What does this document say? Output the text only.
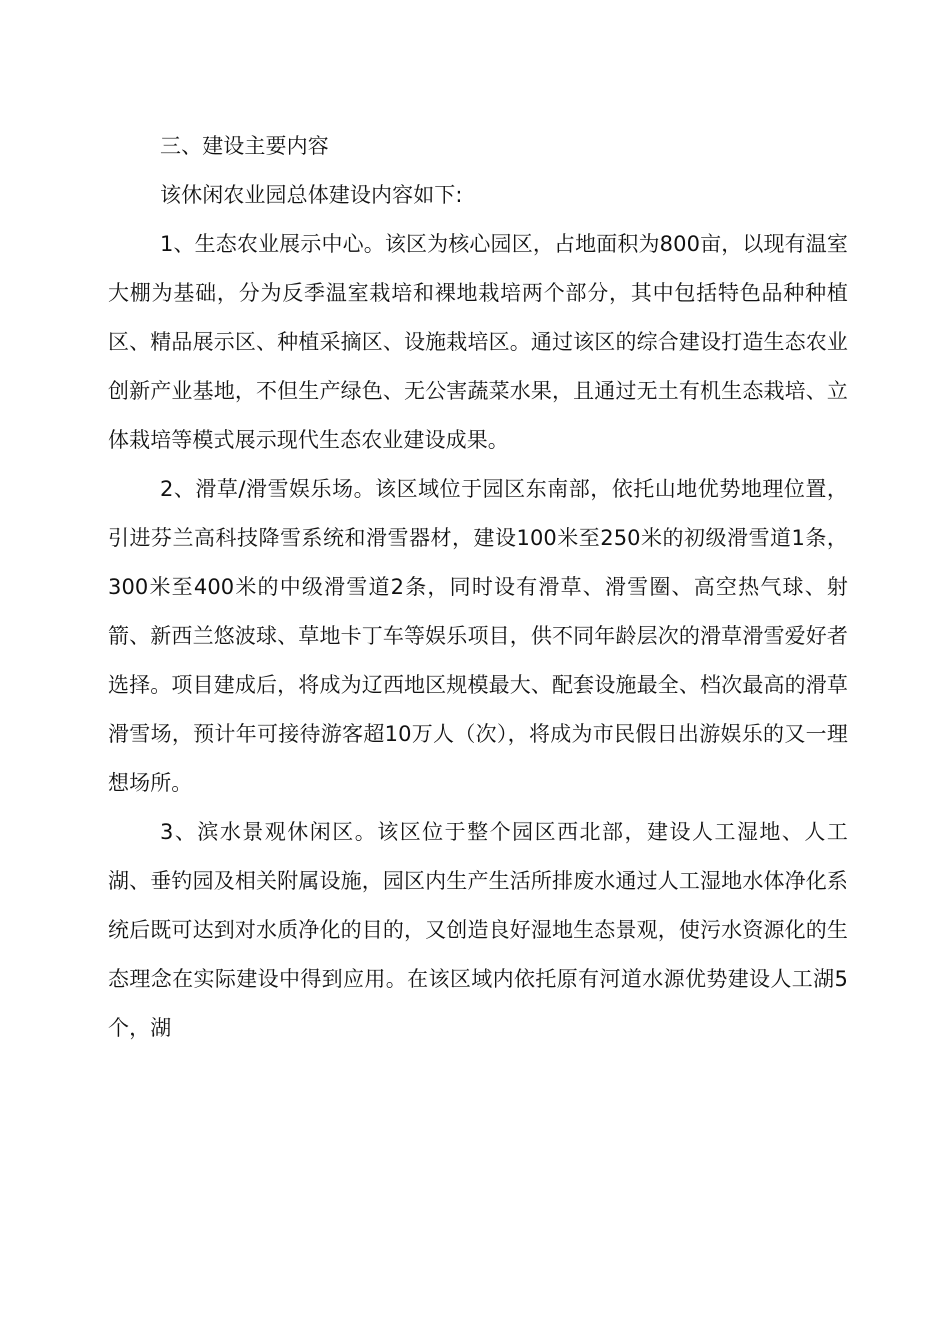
三、建设主要内容

该休闲农业园总体建设内容如下:

1、生态农业展示中心。该区为核心园区，占地面积为800亩，以现有温室大棚为基础，分为反季温室栽培和裸地栽培两个部分，其中包括特色品种种植区、精品展示区、种植采摘区、设施栽培区。通过该区的综合建设打造生态农业创新产业基地，不但生产绿色、无公害蔬菜水果，且通过无土有机生态栽培、立体栽培等模式展示现代生态农业建设成果。

2、滑草/滑雪娱乐场。该区域位于园区东南部，依托山地优势地理位置，引进芬兰高科技降雪系统和滑雪器材，建设100米至250米的初级滑雪道1条，300米至400米的中级滑雪道2条，同时设有滑草、滑雪圈、高空热气球、射箭、新西兰悠波球、草地卡丁车等娱乐项目，供不同年龄层次的滑草滑雪爱好者选择。项目建成后，将成为辽西地区规模最大、配套设施最全、档次最高的滑草滑雪场，预计年可接待游客超10万人（次），将成为市民假日出游娱乐的又一理想场所。

3、滨水景观休闲区。该区位于整个园区西北部，建设人工湿地、人工湖、垂钓园及相关附属设施，园区内生产生活所排废水通过人工湿地水体净化系统后既可达到对水质净化的目的，又创造良好湿地生态景观，使污水资源化的生态理念在实际建设中得到应用。在该区域内依托原有河道水源优势建设人工湖5个，湖
